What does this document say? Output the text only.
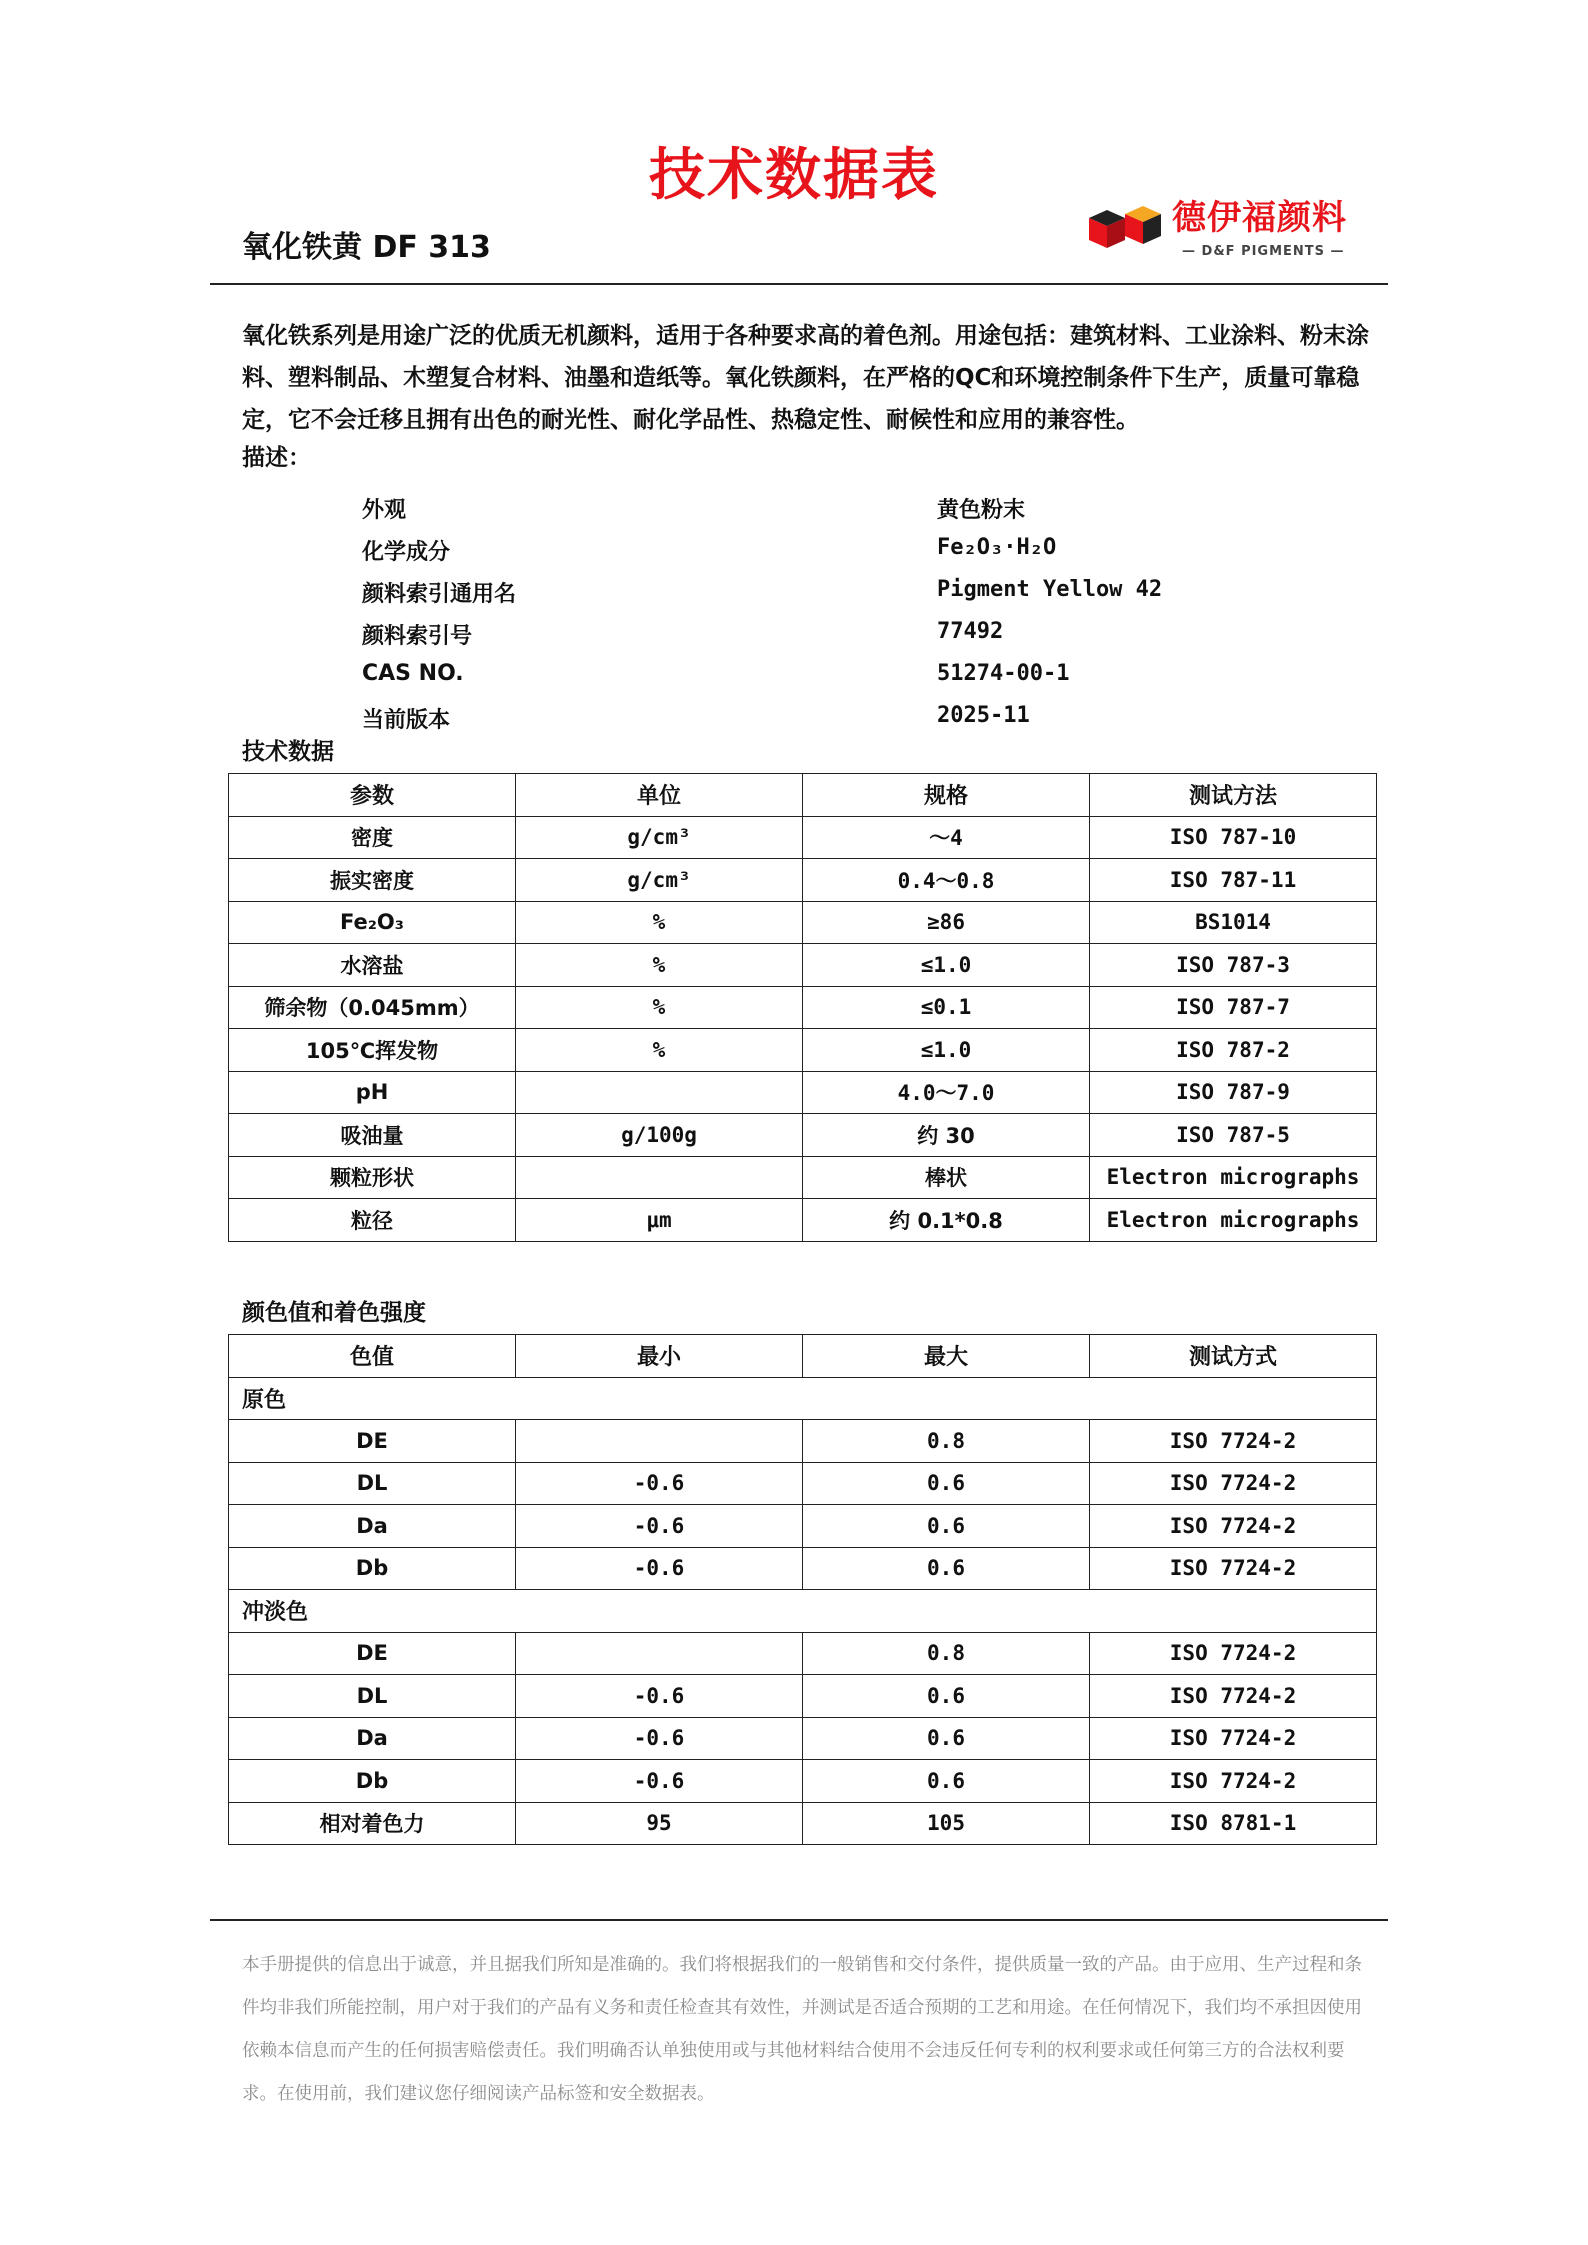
技术数据表
氧化铁黄 DF 313
德伊福颜料
— D&F PIGMENTS —
氧化铁系列是用途广泛的优质无机颜料，适用于各种要求高的着色剂。用途包括：建筑材料、工业涂料、粉末涂料、塑料制品、木塑复合材料、油墨和造纸等。氧化铁颜料，在严格的QC和环境控制条件下生产，质量可靠稳定，它不会迁移且拥有出色的耐光性、耐化学品性、热稳定性、耐候性和应用的兼容性。
描述：
外观	黄色粉末
化学成分	Fe₂O₃·H₂O
颜料索引通用名	Pigment Yellow 42
颜料索引号	77492
CAS NO.	51274-00-1
当前版本	2025-11
技术数据
参数	单位	规格	测试方法
密度	g/cm³	～4	ISO 787-10
振实密度	g/cm³	0.4～0.8	ISO 787-11
Fe₂O₃	%	≥86	BS1014
水溶盐	%	≤1.0	ISO 787-3
筛余物（0.045mm）	%	≤0.1	ISO 787-7
105℃挥发物	%	≤1.0	ISO 787-2
pH		4.0～7.0	ISO 787-9
吸油量	g/100g	约 30	ISO 787-5
颗粒形状		棒状	Electron micrographs
粒径	μm	约 0.1*0.8	Electron micrographs
颜色值和着色强度
色值	最小	最大	测试方式
原色			
DE		0.8	ISO 7724-2
DL	-0.6	0.6	ISO 7724-2
Da	-0.6	0.6	ISO 7724-2
Db	-0.6	0.6	ISO 7724-2
冲淡色			
DE		0.8	ISO 7724-2
DL	-0.6	0.6	ISO 7724-2
Da	-0.6	0.6	ISO 7724-2
Db	-0.6	0.6	ISO 7724-2
相对着色力	95	105	ISO 8781-1
本手册提供的信息出于诚意，并且据我们所知是准确的。我们将根据我们的一般销售和交付条件，提供质量一致的产品。由于应用、生产过程和条 件均非我们所能控制，用户对于我们的产品有义务和责任检查其有效性，并测试是否适合预期的工艺和用途。在任何情况下，我们均不承担因使用 依赖本信息而产生的任何损害赔偿责任。我们明确否认单独使用或与其他材料结合使用不会违反任何专利的权利要求或任何第三方的合法权利要求。在使用前，我们建议您仔细阅读产品标签和安全数据表。
